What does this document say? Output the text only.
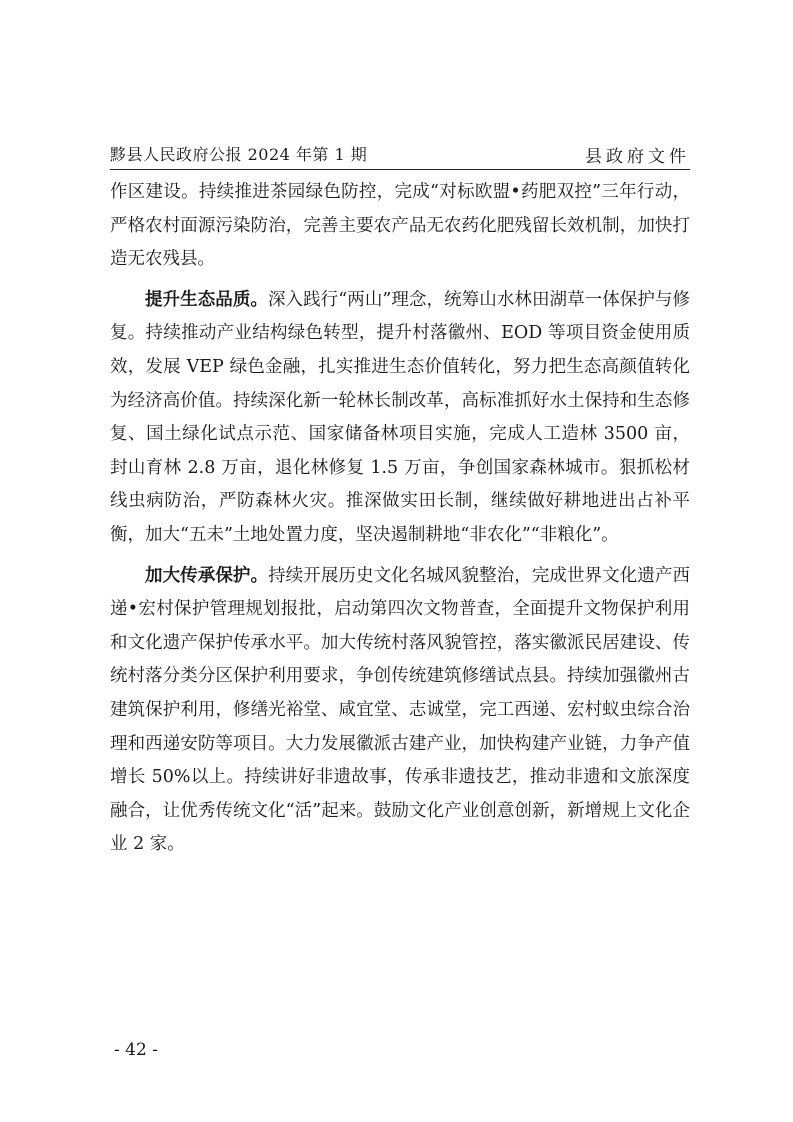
黟县人民政府公报 2024 年第 1 期	县政府文件

作区建设。持续推进茶园绿色防控，完成“对标欧盟•药肥双控”三年行动，严格农村面源污染防治，完善主要农产品无农药化肥残留长效机制，加快打造无农残县。

提升生态品质。深入践行“两山”理念，统筹山水林田湖草一体保护与修复。持续推动产业结构绿色转型，提升村落徽州、EOD 等项目资金使用质效，发展 VEP 绿色金融，扎实推进生态价值转化，努力把生态高颜值转化为经济高价值。持续深化新一轮林长制改革，高标准抓好水土保持和生态修复、国土绿化试点示范、国家储备林项目实施，完成人工造林 3500 亩，封山育林 2.8 万亩，退化林修复 1.5 万亩，争创国家森林城市。狠抓松材线虫病防治，严防森林火灾。推深做实田长制，继续做好耕地进出占补平衡，加大“五未”土地处置力度，坚决遏制耕地“非农化”“非粮化”。

加大传承保护。持续开展历史文化名城风貌整治，完成世界文化遗产西递•宏村保护管理规划报批，启动第四次文物普查，全面提升文物保护利用和文化遗产保护传承水平。加大传统村落风貌管控，落实徽派民居建设、传统村落分类分区保护利用要求，争创传统建筑修缮试点县。持续加强徽州古建筑保护利用，修缮光裕堂、咸宜堂、志诚堂，完工西递、宏村蚁虫综合治理和西递安防等项目。大力发展徽派古建产业，加快构建产业链，力争产值增长 50%以上。持续讲好非遗故事，传承非遗技艺，推动非遗和文旅深度融合，让优秀传统文化“活”起来。鼓励文化产业创意创新，新增规上文化企业 2 家。

- 42 -
